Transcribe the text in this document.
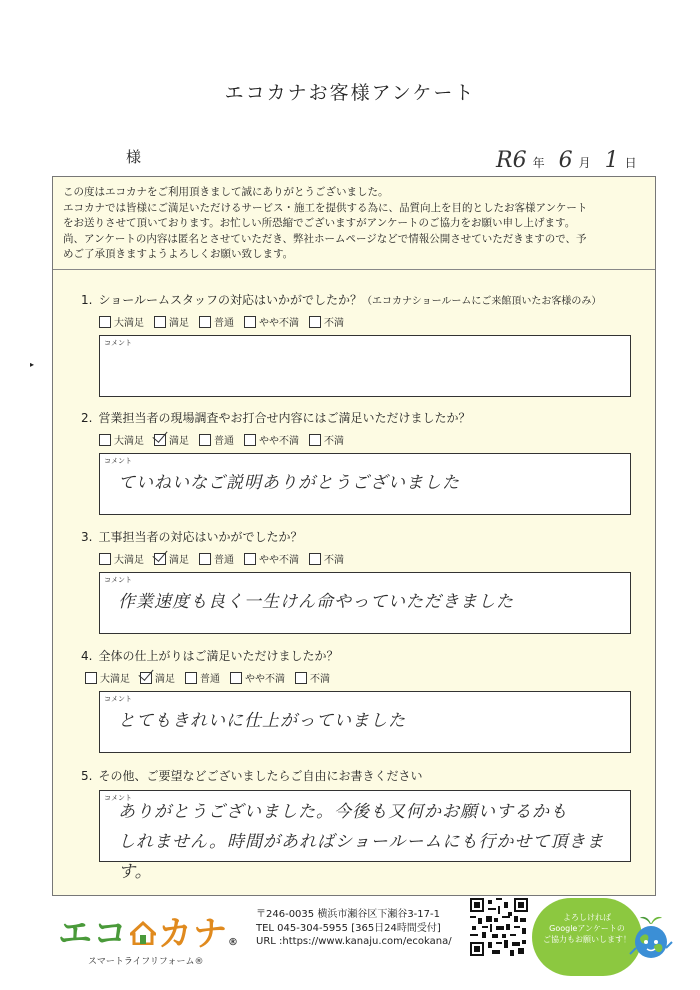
エコカナお客様アンケート
様	R6 年 6 月 1 日
▸
この度はエコカナをご利用頂きまして誠にありがとうございました。
エコカナでは皆様にご満足いただけるサービス・施工を提供する為に、品質向上を目的としたお客様アンケート
をお送りさせて頂いております。お忙しい所恐縮でございますがアンケートのご協力をお願い申し上げます。
尚、アンケートの内容は匿名とさせていただき、弊社ホームページなどで情報公開させていただきますので、予
めご了承頂きますようよろしくお願い致します。
1. ショールームスタッフの対応はいかがでしたか？（エコカナショールームにご来館頂いたお客様のみ）
大満足	満足	普通	やや不満	不満
コメント
2. 営業担当者の現場調査やお打合せ内容にはご満足いただけましたか？
大満足	満足	普通	やや不満	不満
コメント
ていねいなご説明ありがとうございました
3. 工事担当者の対応はいかがでしたか？
大満足	満足	普通	やや不満	不満
コメント
作業速度も良く一生けん命やっていただきました
4. 全体の仕上がりはご満足いただけましたか？
大満足	満足	普通	やや不満	不満
コメント
とてもきれいに仕上がっていました
5. その他、ご要望などございましたらご自由にお書きください
コメント
ありがとうございました。今後も又何かお願いするかも
しれません。時間があればショールームにも行かせて頂きます。
エコ カナ®
スマートライフリフォーム®
〒246-0035 横浜市瀬谷区下瀬谷3-17-1
TEL 045-304-5955 [365日24時間受付]
URL :https://www.kanaju.com/ecokana/
よろしければ
Googleアンケートの
ご協力もお願いします！
